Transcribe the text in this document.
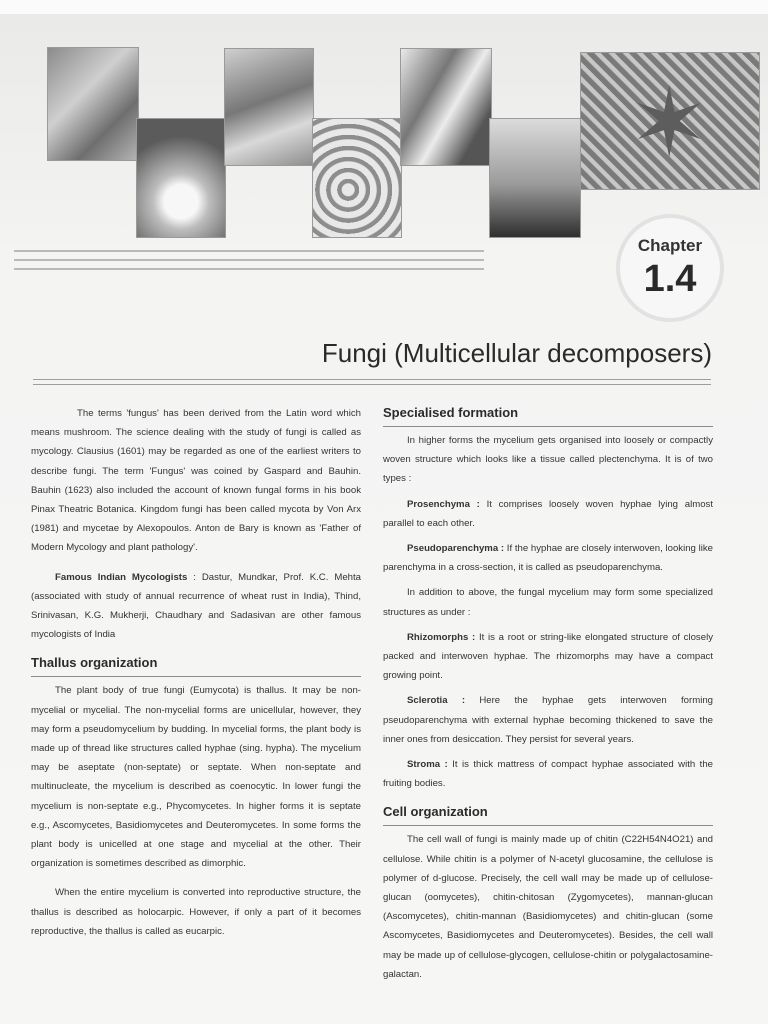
✶
Chapter
1.4
Fungi (Multicellular decomposers)

The terms 'fungus' has been derived from the Latin word which means mushroom. The science dealing with the study of fungi is called as mycology. Clausius (1601) may be regarded as one of the earliest writers to describe fungi. The term 'Fungus' was coined by Gaspard and Bauhin. Bauhin (1623) also included the account of known fungal forms in his book Pinax Theatric Botanica. Kingdom fungi has been called mycota by Von Arx (1981) and mycetae by Alexopoulos. Anton de Bary is known as 'Father of Modern Mycology and plant pathology'.

Famous Indian Mycologists : Dastur, Mundkar, Prof. K.C. Mehta (associated with study of annual recurrence of wheat rust in India), Thind, Srinivasan, K.G. Mukherji, Chaudhary and Sadasivan are other famous mycologists of India

Thallus organization

The plant body of true fungi (Eumycota) is thallus. It may be non-mycelial or mycelial. The non-mycelial forms are unicellular, however, they may form a pseudomycelium by budding. In mycelial forms, the plant body is made up of thread like structures called hyphae (sing. hypha). The mycelium may be aseptate (non-septate) or septate. When non-septate and multinucleate, the mycelium is described as coenocytic. In lower fungi the mycelium is non-septate e.g., Phycomycetes. In higher forms it is septate e.g., Ascomycetes, Basidiomycetes and Deuteromycetes. In some forms the plant body is unicelled at one stage and mycelial at the other. Their organization is sometimes described as dimorphic.

When the entire mycelium is converted into reproductive structure, the thallus is described as holocarpic. However, if only a part of it becomes reproductive, the thallus is called as eucarpic.

Specialised formation

In higher forms the mycelium gets organised into loosely or compactly woven structure which looks like a tissue called plectenchyma. It is of two types :

Prosenchyma : It comprises loosely woven hyphae lying almost parallel to each other.

Pseudoparenchyma : If the hyphae are closely interwoven, looking like parenchyma in a cross-section, it is called as pseudoparenchyma.

In addition to above, the fungal mycelium may form some specialized structures as under :

Rhizomorphs : It is a root or string-like elongated structure of closely packed and interwoven hyphae. The rhizomorphs may have a compact growing point.

Sclerotia : Here the hyphae gets interwoven forming pseudoparenchyma with external hyphae becoming thickened to save the inner ones from desiccation. They persist for several years.

Stroma : It is thick mattress of compact hyphae associated with the fruiting bodies.

Cell organization

The cell wall of fungi is mainly made up of chitin (C22H54N4O21) and cellulose. While chitin is a polymer of N-acetyl glucosamine, the cellulose is polymer of d-glucose. Precisely, the cell wall may be made up of cellulose-glucan (oomycetes), chitin-chitosan (Zygomycetes), mannan-glucan (Ascomycetes), chitin-mannan (Basidiomycetes) and chitin-glucan (some Ascomycetes, Basidiomycetes and Deuteromycetes). Besides, the cell wall may be made up of cellulose-glycogen, cellulose-chitin or polygalactosamine-galactan.
